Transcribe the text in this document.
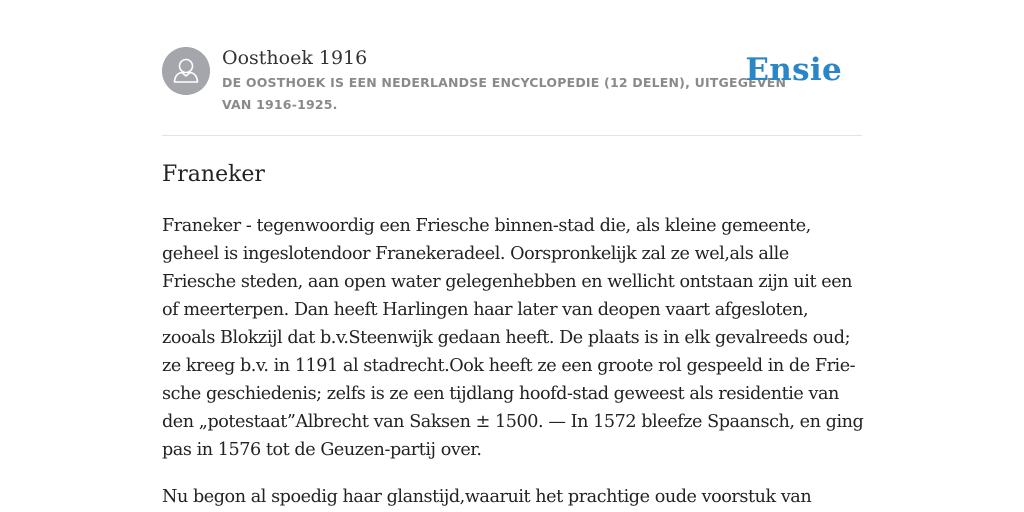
Oosthoek 1916
DE OOSTHOEK IS EEN NEDERLANDSE ENCYCLOPEDIE (12 DELEN), UITGEGEVEN
VAN 1916-1925.
Ensie
Franeker

Franeker - tegenwoordig een Friesche binnen-stad die, als kleine gemeente,
geheel is ingeslotendoor Franekeradeel. Oorspronkelijk zal ze wel,als alle
Friesche steden, aan open water gelegenhebben en wellicht ontstaan zijn uit een
of meerterpen. Dan heeft Harlingen haar later van deopen vaart afgesloten,
zooals Blokzijl dat b.v.Steenwijk gedaan heeft. De plaats is in elk gevalreeds oud;
ze kreeg b.v. in 1191 al stadrecht.Ook heeft ze een groote rol gespeeld in de Frie-
sche geschiedenis; zelfs is ze een tijdlang hoofd-stad geweest als residentie van
den „potestaat”Albrecht van Saksen ± 1500. — In 1572 bleefze Spaansch, en ging
pas in 1576 tot de Geuzen-partij over.

Nu begon al spoedig haar glanstijd,waaruit het prachtige oude voorstuk van
